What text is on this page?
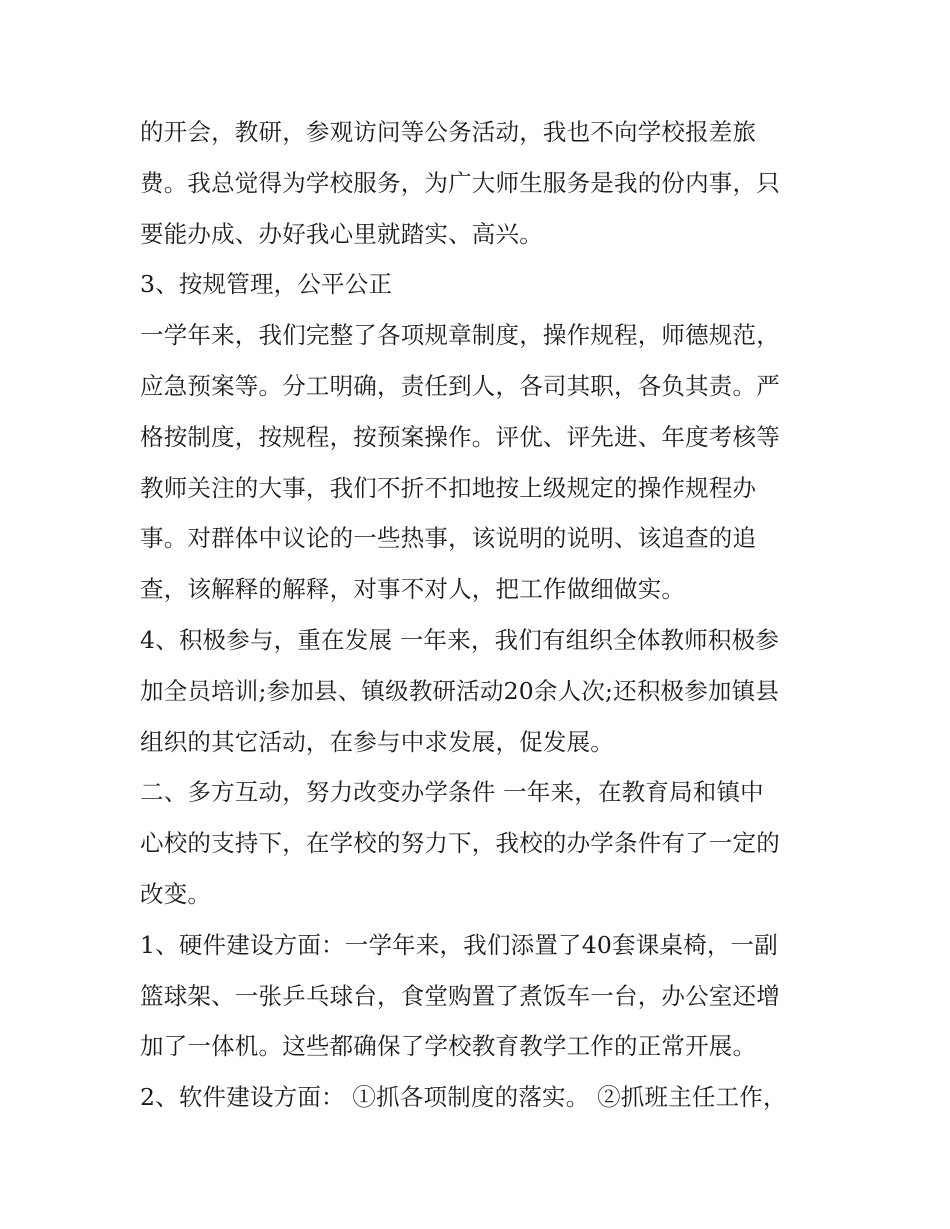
的开会，教研，参观访问等公务活动，我也不向学校报差旅
费。我总觉得为学校服务，为广大师生服务是我的份内事，只
要能办成、办好我心里就踏实、高兴。
3、按规管理，公平公正
一学年来，我们完整了各项规章制度，操作规程，师德规范，
应急预案等。分工明确，责任到人，各司其职，各负其责。严
格按制度，按规程，按预案操作。评优、评先进、年度考核等
教师关注的大事，我们不折不扣地按上级规定的操作规程办
事。对群体中议论的一些热事，该说明的说明、该追查的追
查，该解释的解释，对事不对人，把工作做细做实。
4、积极参与，重在发展 一年来，我们有组织全体教师积极参
加全员培训;参加县、镇级教研活动20余人次;还积极参加镇县
组织的其它活动，在参与中求发展，促发展。
二、多方互动，努力改变办学条件 一年来，在教育局和镇中
心校的支持下，在学校的努力下，我校的办学条件有了一定的
改变。
1、硬件建设方面：一学年来，我们添置了40套课桌椅，一副
篮球架、一张乒乓球台，食堂购置了煮饭车一台，办公室还增
加了一体机。这些都确保了学校教育教学工作的正常开展。
2、软件建设方面： ①抓各项制度的落实。 ②抓班主任工作，
